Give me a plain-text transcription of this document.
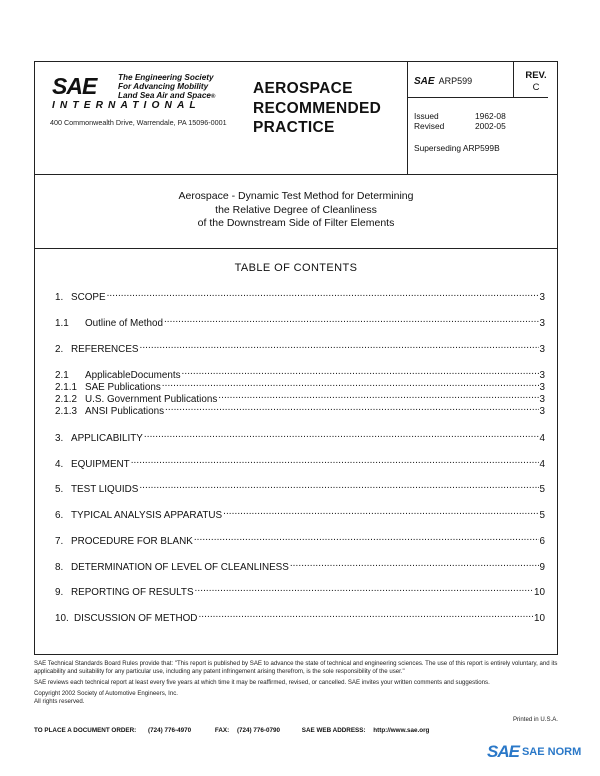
SAE	The Engineering Society
For Advancing Mobility
Land Sea Air and Space®
INTERNATIONAL
400 Commonwealth Drive, Warrendale, PA 15096-0001
AEROSPACE
RECOMMENDED
PRACTICE
SAE ARP599
Issued	1962-08
Revised	2002-05
Superseding ARP599B
REV.
C
Aerospace - Dynamic Test Method for Determining
the Relative Degree of Cleanliness
of the Downstream Side of Filter Elements
TABLE OF CONTENTS
1. SCOPE .....	3
1.1	Outline of Method .....	3
2. REFERENCES .....	3
2.1	ApplicableDocuments .....	3
2.1.1 SAE Publications .....	3
2.1.2 U.S. Government Publications .....	3
2.1.3 ANSI Publications .....	3
3. APPLICABILITY .....	4
4. EQUIPMENT .....	4
5. TEST LIQUIDS .....	5
6. TYPICAL ANALYSIS APPARATUS .....	5
7. PROCEDURE FOR BLANK .....	6
8. DETERMINATION OF LEVEL OF CLEANLINESS .....	9
9. REPORTING OF RESULTS .....	10
10. DISCUSSION OF METHOD .....	10

SAE Technical Standards Board Rules provide that: "This report is published by SAE to advance the state of technical and engineering sciences. The use of this report is entirely voluntary, and its applicability and suitability for any particular use, including any patent infringement arising therefrom, is the sole responsibility of the user."

SAE reviews each technical report at least every five years at which time it may be reaffirmed, revised, or cancelled. SAE invites your written comments and suggestions.

Copyright 2002 Society of Automotive Engineers, Inc.

All rights reserved.

Printed in U.S.A.
TO PLACE A DOCUMENT ORDER: (724) 776-4970	FAX: (724) 776-0790	SAE WEB ADDRESS: http://www.sae.org
SAE SAE NORM
